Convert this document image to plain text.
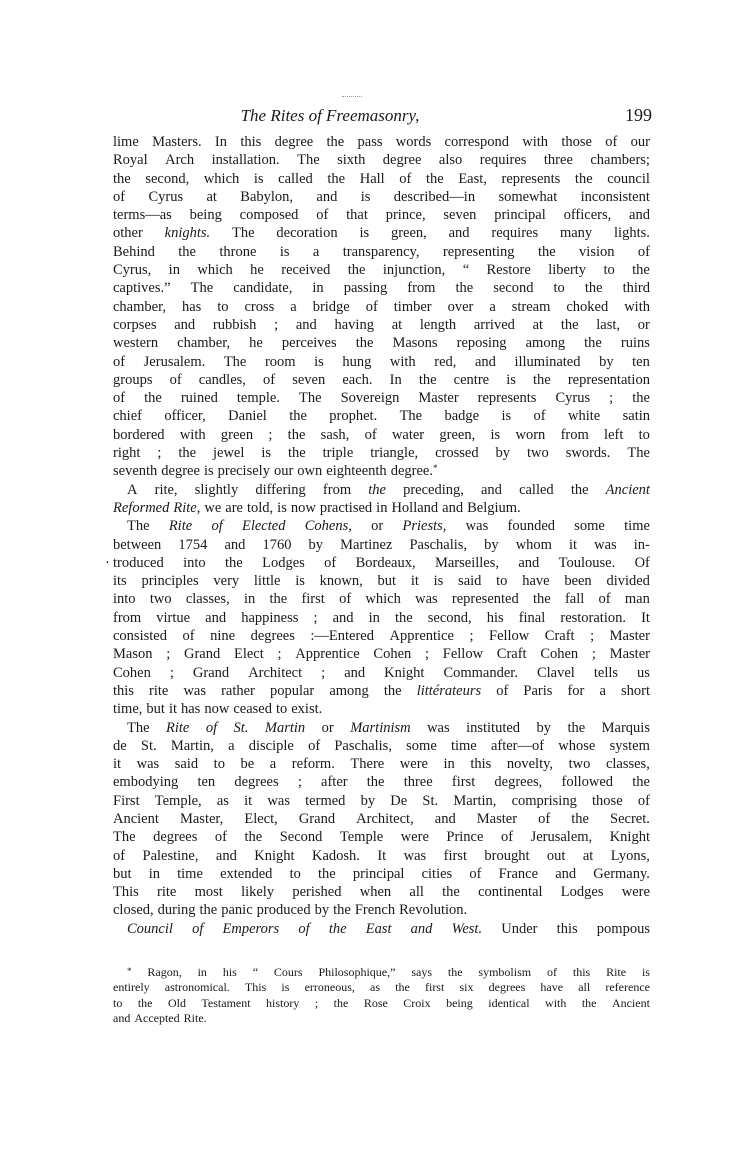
The Rites of Freemasonry,	199
lime Masters. In this degree the pass words correspond with those of our
Royal Arch installation. The sixth degree also requires three chambers;
the second, which is called the Hall of the East, represents the council
of Cyrus at Babylon, and is described—in somewhat inconsistent
terms—as being composed of that prince, seven principal officers, and
other knights. The decoration is green, and requires many lights.
Behind the throne is a transparency, representing the vision of
Cyrus, in which he received the injunction, “ Restore liberty to the
captives.” The candidate, in passing from the second to the third
chamber, has to cross a bridge of timber over a stream choked with
corpses and rubbish ; and having at length arrived at the last, or
western chamber, he perceives the Masons reposing among the ruins
of Jerusalem. The room is hung with red, and illuminated by ten
groups of candles, of seven each. In the centre is the representation
of the ruined temple. The Sovereign Master represents Cyrus ; the
chief officer, Daniel the prophet. The badge is of white satin
bordered with green ; the sash, of water green, is worn from left to
right ; the jewel is the triple triangle, crossed by two swords. The
seventh degree is precisely our own eighteenth degree.*
A rite, slightly differing from the preceding, and called the Ancient
Reformed Rite, we are told, is now practised in Holland and Belgium.
The Rite of Elected Cohens, or Priests, was founded some time
between 1754 and 1760 by Martinez Paschalis, by whom it was in-
· troduced into the Lodges of Bordeaux, Marseilles, and Toulouse. Of
its principles very little is known, but it is said to have been divided
into two classes, in the first of which was represented the fall of man
from virtue and happiness ; and in the second, his final restoration. It
consisted of nine degrees :—Entered Apprentice ; Fellow Craft ; Master
Mason ; Grand Elect ; Apprentice Cohen ; Fellow Craft Cohen ; Master
Cohen ; Grand Architect ; and Knight Commander. Clavel tells us
this rite was rather popular among the littérateurs of Paris for a short
time, but it has now ceased to exist.
The Rite of St. Martin or Martinism was instituted by the Marquis
de St. Martin, a disciple of Paschalis, some time after—of whose system
it was said to be a reform. There were in this novelty, two classes,
embodying ten degrees ; after the three first degrees, followed the
First Temple, as it was termed by De St. Martin, comprising those of
Ancient Master, Elect, Grand Architect, and Master of the Secret.
The degrees of the Second Temple were Prince of Jerusalem, Knight
of Palestine, and Knight Kadosh. It was first brought out at Lyons,
but in time extended to the principal cities of France and Germany.
This rite most likely perished when all the continental Lodges were
closed, during the panic produced by the French Revolution.
Council of Emperors of the East and West. Under this pompous
* Ragon, in his “ Cours Philosophique,” says the symbolism of this Rite is
entirely astronomical. This is erroneous, as the first six degrees have all reference
to the Old Testament history ; the Rose Croix being identical with the Ancient
and Accepted Rite.
